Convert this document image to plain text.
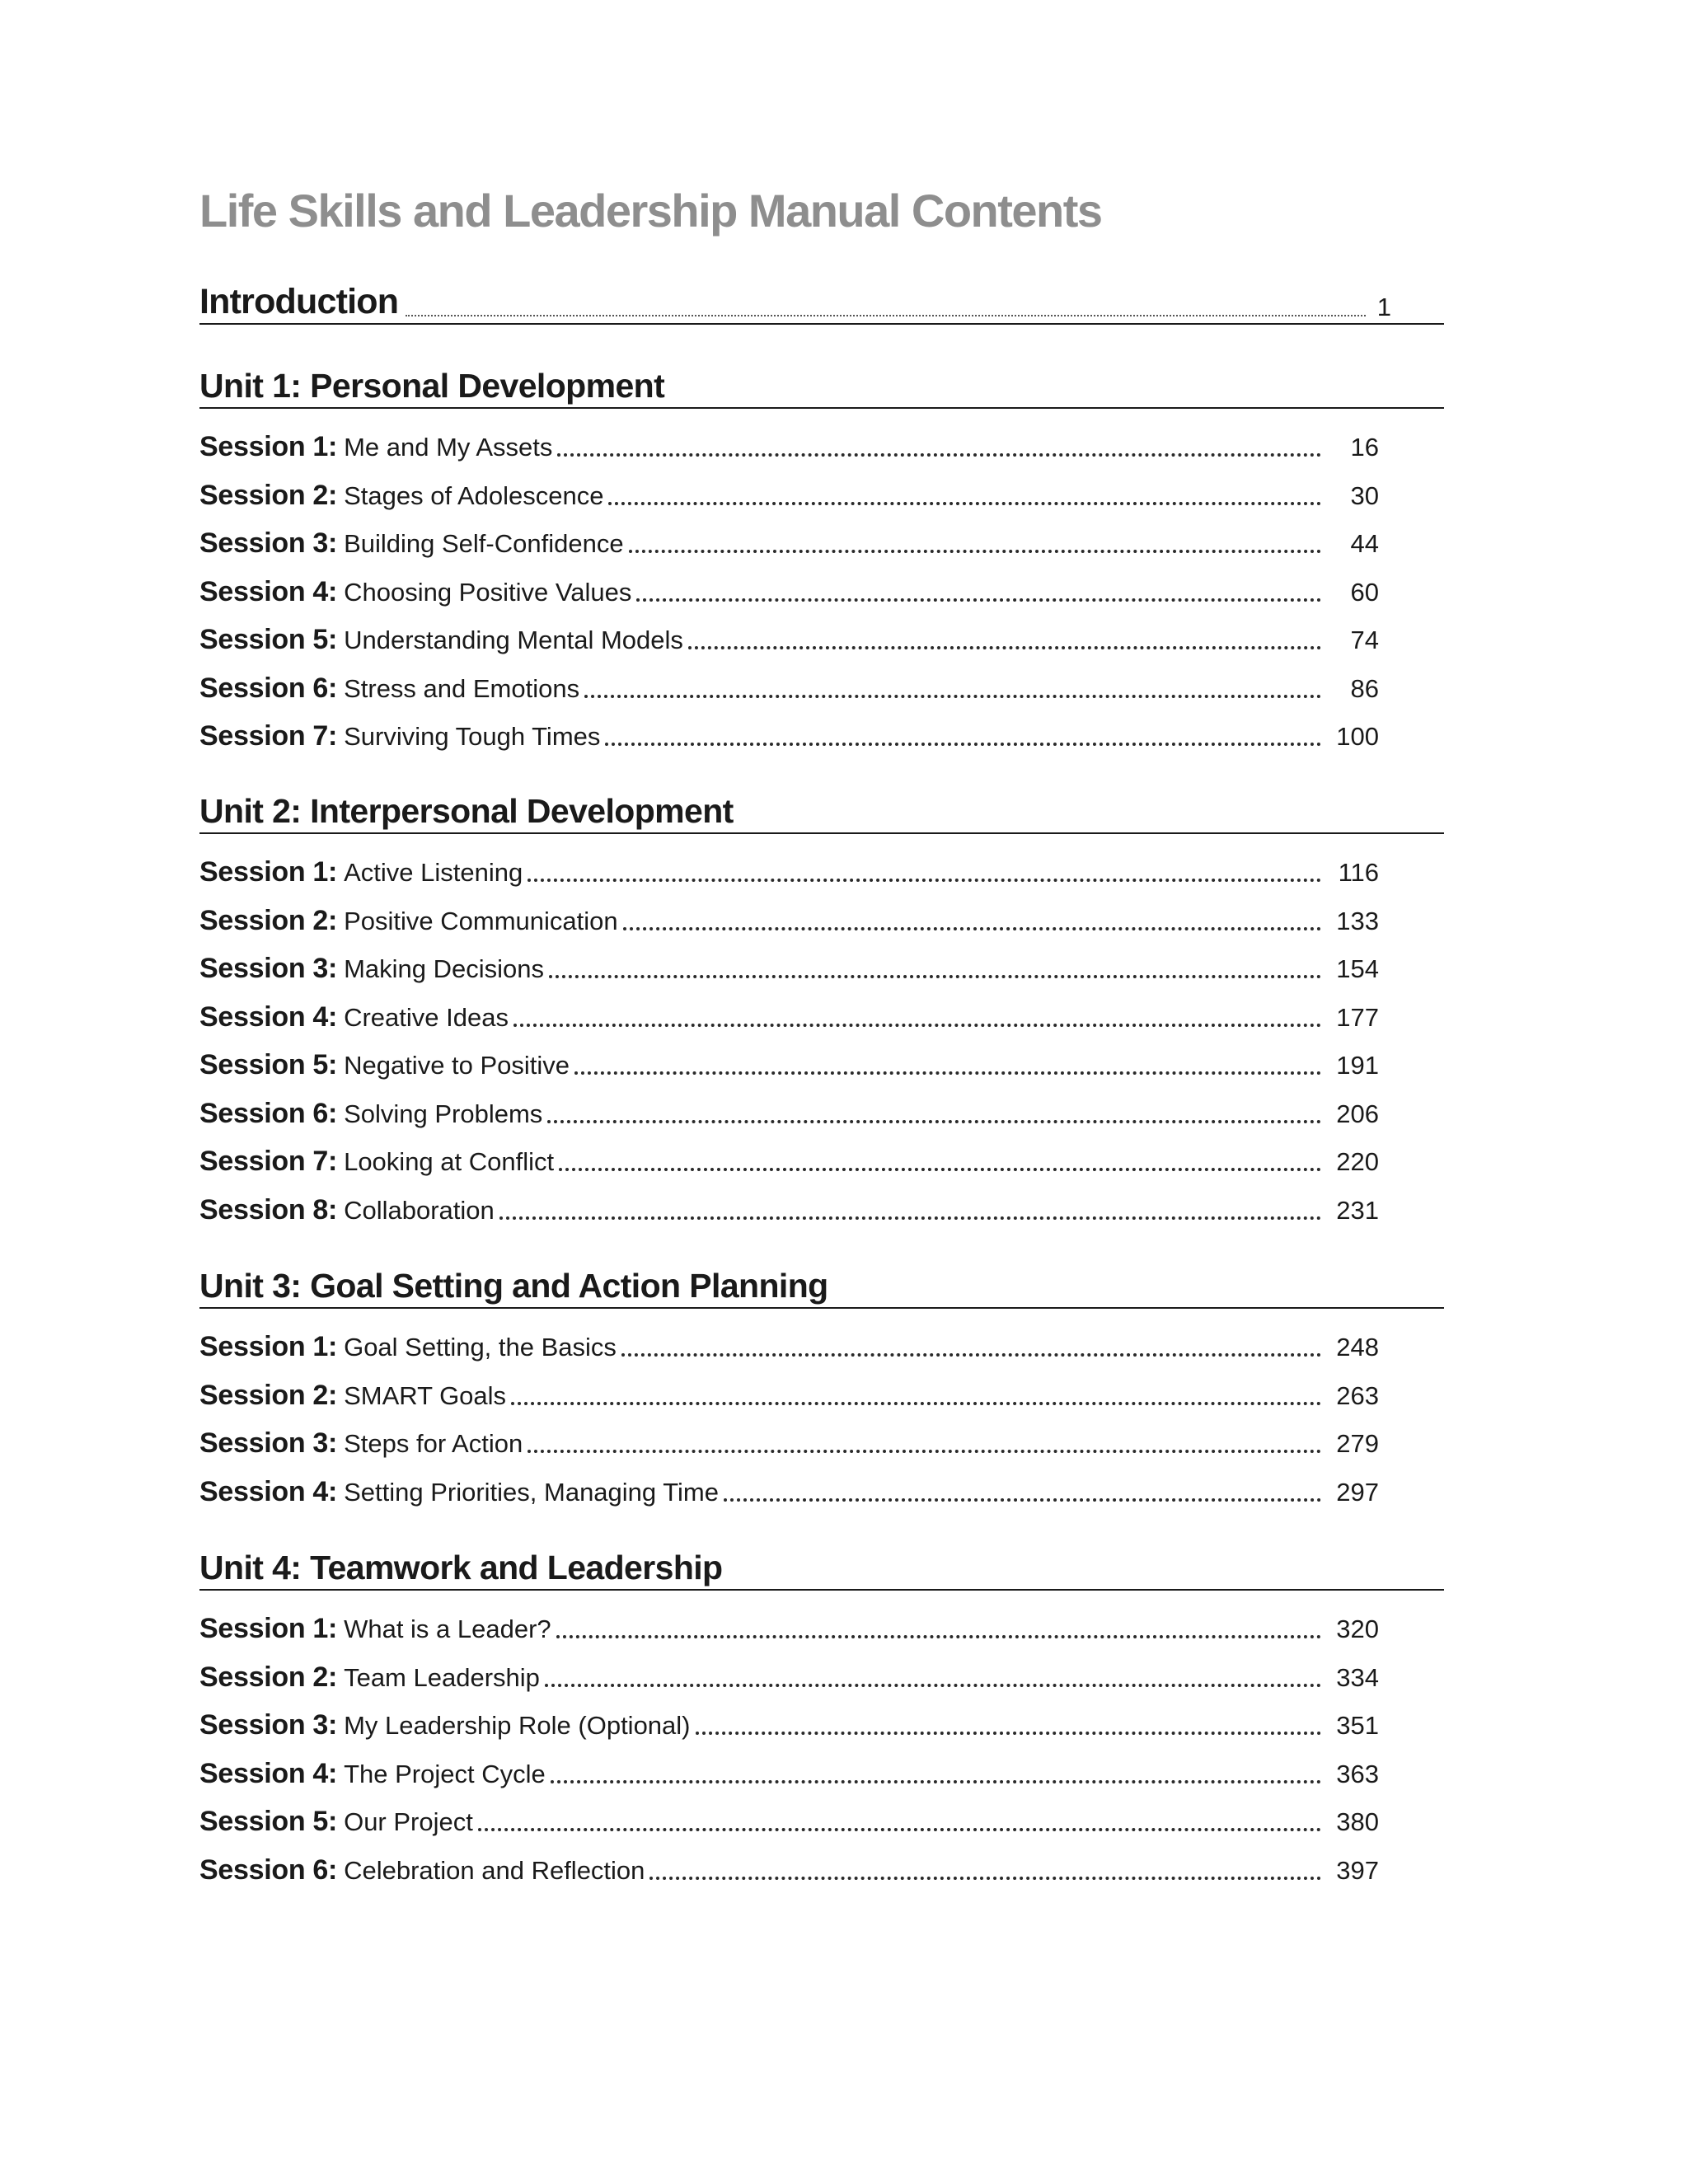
Life Skills and Leadership Manual Contents
Introduction	1
Unit 1: Personal Development
Session 1: Me and My Assets	16
Session 2: Stages of Adolescence	30
Session 3: Building Self-Confidence	44
Session 4: Choosing Positive Values	60
Session 5: Understanding Mental Models	74
Session 6: Stress and Emotions	86
Session 7: Surviving Tough Times	100
Unit 2: Interpersonal Development
Session 1: Active Listening	116
Session 2: Positive Communication	133
Session 3: Making Decisions	154
Session 4: Creative Ideas	177
Session 5: Negative to Positive	191
Session 6: Solving Problems	206
Session 7: Looking at Conflict	220
Session 8: Collaboration	231
Unit 3: Goal Setting and Action Planning
Session 1: Goal Setting, the Basics	248
Session 2: SMART Goals	263
Session 3: Steps for Action	279
Session 4: Setting Priorities, Managing Time	297
Unit 4: Teamwork and Leadership
Session 1: What is a Leader?	320
Session 2: Team Leadership	334
Session 3: My Leadership Role (Optional)	351
Session 4: The Project Cycle	363
Session 5: Our Project	380
Session 6: Celebration and Reflection	397
